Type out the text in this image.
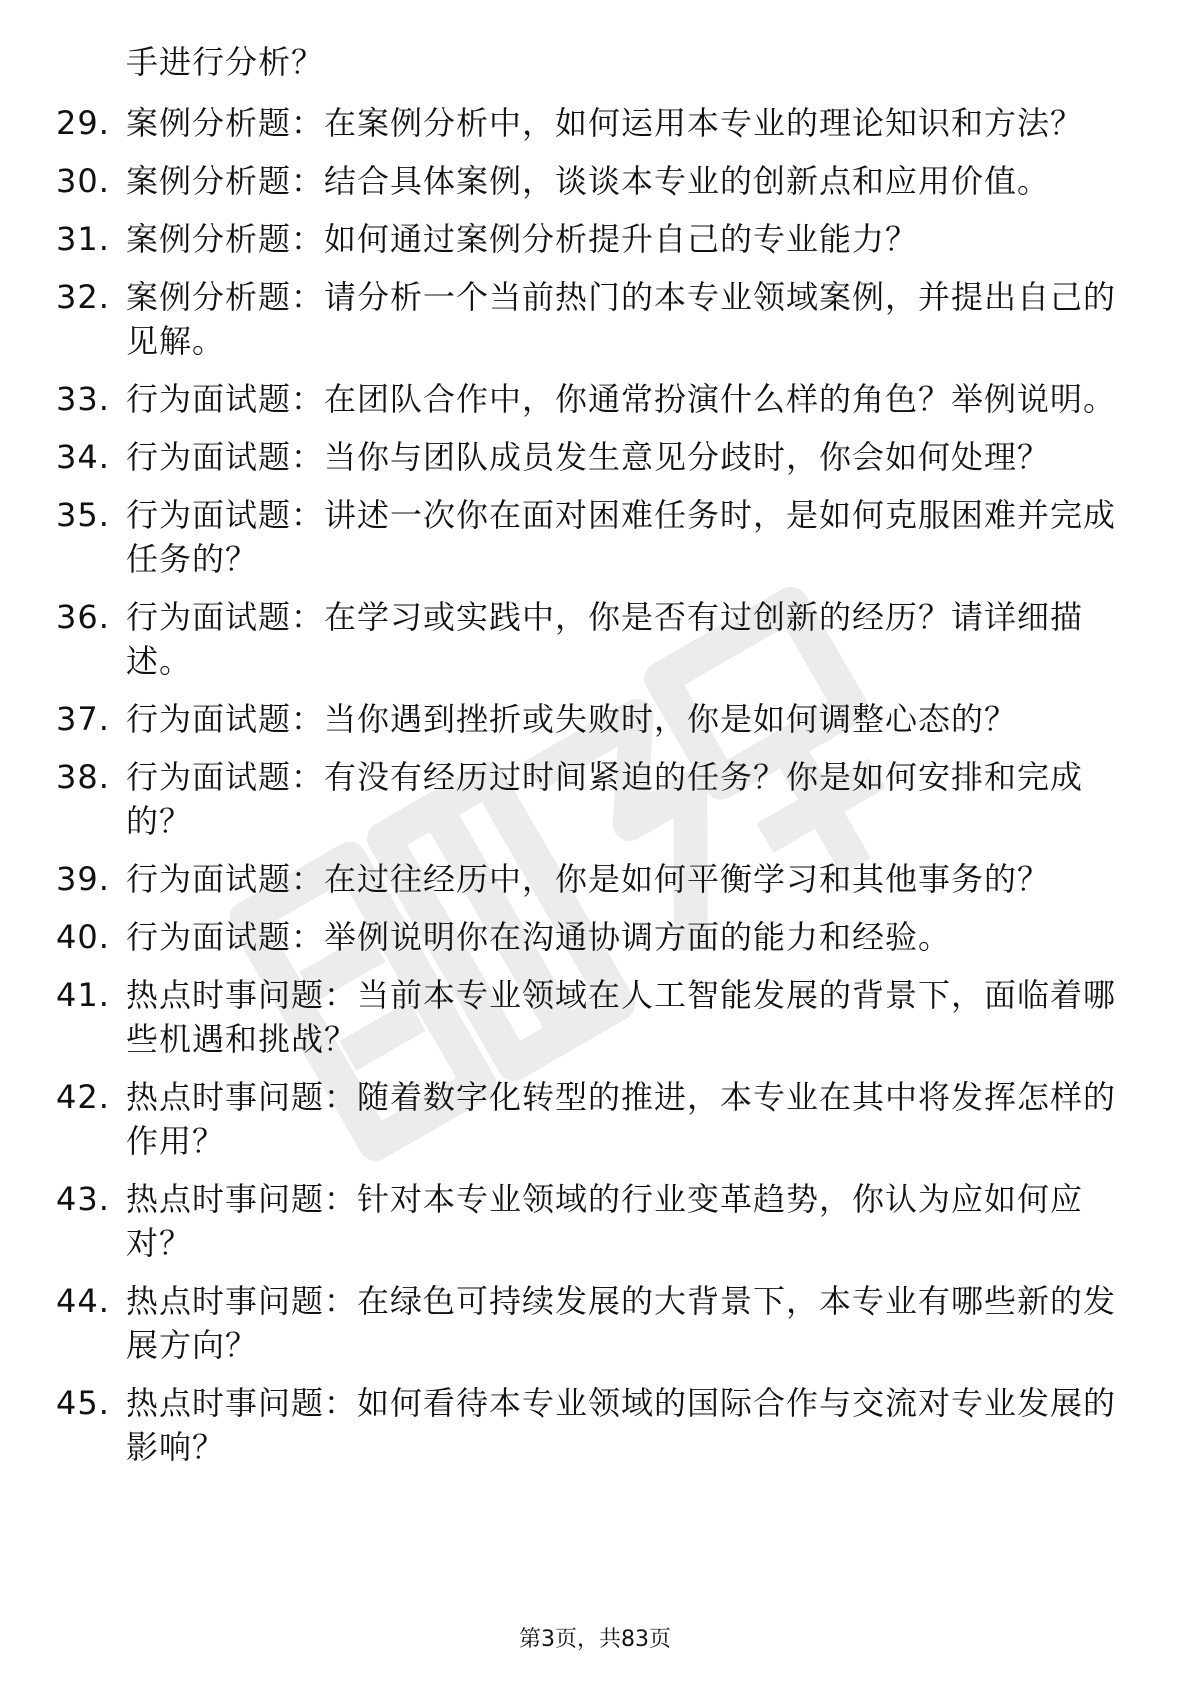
手进行分析？
29. 案例分析题：在案例分析中，如何运用本专业的理论知识和方法？
30. 案例分析题：结合具体案例，谈谈本专业的创新点和应用价值。
31. 案例分析题：如何通过案例分析提升自己的专业能力？
32. 案例分析题：请分析一个当前热门的本专业领域案例，并提出自己的见解。
33. 行为面试题：在团队合作中，你通常扮演什么样的角色？举例说明。
34. 行为面试题：当你与团队成员发生意见分歧时，你会如何处理？
35. 行为面试题：讲述一次你在面对困难任务时，是如何克服困难并完成任务的？
36. 行为面试题：在学习或实践中，你是否有过创新的经历？请详细描述。
37. 行为面试题：当你遇到挫折或失败时，你是如何调整心态的？
38. 行为面试题：有没有经历过时间紧迫的任务？你是如何安排和完成的？
39. 行为面试题：在过往经历中，你是如何平衡学习和其他事务的？
40. 行为面试题：举例说明你在沟通协调方面的能力和经验。
41. 热点时事问题：当前本专业领域在人工智能发展的背景下，面临着哪些机遇和挑战？
42. 热点时事问题：随着数字化转型的推进，本专业在其中将发挥怎样的作用？
43. 热点时事问题：针对本专业领域的行业变革趋势，你认为应如何应对？
44. 热点时事问题：在绿色可持续发展的大背景下，本专业有哪些新的发展方向？
45. 热点时事问题：如何看待本专业领域的国际合作与交流对专业发展的影响？
第3页，共83页
